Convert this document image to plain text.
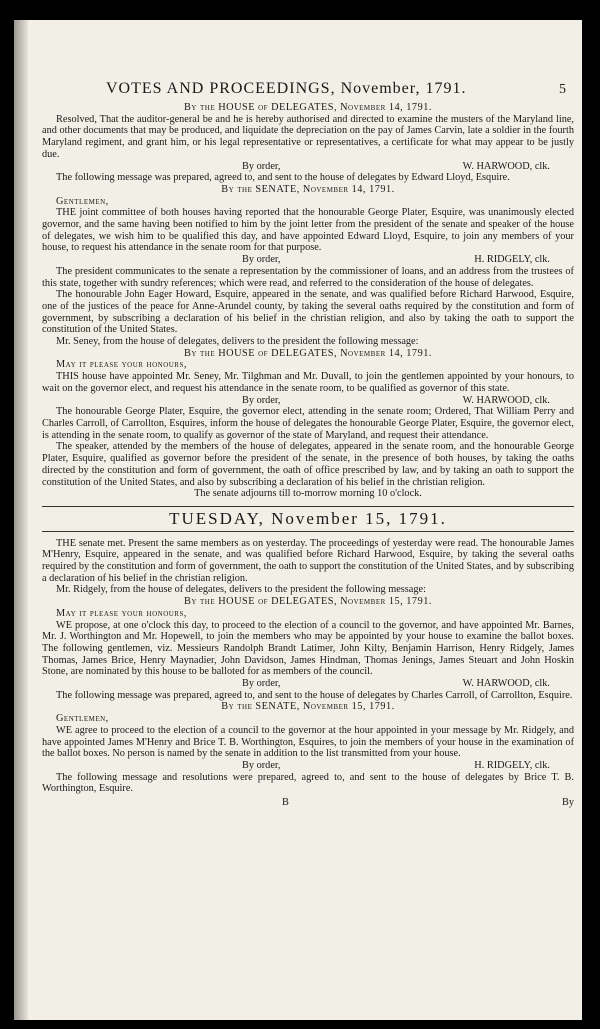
VOTES AND PROCEEDINGS, November, 1791.	5
By the HOUSE of DELEGATES, November 14, 1791.

Resolved, That the auditor-general be and he is hereby authorised and directed to examine the musters of the Maryland line, and other documents that may be produced, and liquidate the depreciation on the pay of James Carvin, late a soldier in the fourth Maryland regiment, and grant him, or his legal representative or representatives, a certificate for what may appear to be justly due.

By order,	W. HARWOOD, clk.

The following message was prepared, agreed to, and sent to the house of delegates by Edward Lloyd, Esquire.

By the SENATE, November 14, 1791.

Gentlemen,

THE joint committee of both houses having reported that the honourable George Plater, Esquire, was unanimously elected governor, and the same having been notified to him by the joint letter from the president of the senate and speaker of the house of delegates, we wish him to be qualified this day, and have appointed Edward Lloyd, Esquire, to join any members of your house, to request his attendance in the senate room for that purpose.

By order,	H. RIDGELY, clk.

The president communicates to the senate a representation by the commissioner of loans, and an address from the trustees of this state, together with sundry references; which were read, and referred to the consideration of the house of delegates.

The honourable John Eager Howard, Esquire, appeared in the senate, and was qualified before Richard Harwood, Esquire, one of the justices of the peace for Anne-Arundel county, by taking the several oaths required by the constitution and form of government, by subscribing a declaration of his belief in the christian religion, and also by taking the oath to support the constitution of the United States.

Mr. Seney, from the house of delegates, delivers to the president the following message:

By the HOUSE of DELEGATES, November 14, 1791.

May it please your honours,

THIS house have appointed Mr. Seney, Mr. Tilghman and Mr. Duvall, to join the gentlemen appointed by your honours, to wait on the governor elect, and request his attendance in the senate room, to be qualified as governor of this state.

By order,	W. HARWOOD, clk.

The honourable George Plater, Esquire, the governor elect, attending in the senate room; Ordered, That William Perry and Charles Carroll, of Carrollton, Esquires, inform the house of delegates the honourable George Plater, Esquire, the governor elect, is attending in the senate room, to qualify as governor of the state of Maryland, and request their attendance.

The speaker, attended by the members of the house of delegates, appeared in the senate room, and the honourable George Plater, Esquire, qualified as governor before the president of the senate, in the presence of both houses, by taking the oaths directed by the constitution and form of government, the oath of office prescribed by law, and by taking an oath to support the constitution of the United States, and also by subscribing a declaration of his belief in the christian religion.

The senate adjourns till to-morrow morning 10 o'clock.
TUESDAY, November 15, 1791.

THE senate met. Present the same members as on yesterday. The proceedings of yesterday were read. The honourable James M'Henry, Esquire, appeared in the senate, and was qualified before Richard Harwood, Esquire, by taking the several oaths required by the constitution and form of government, the oath to support the constitution of the United States, and by subscribing a declaration of his belief in the christian religion.

Mr. Ridgely, from the house of delegates, delivers to the president the following message:

By the HOUSE of DELEGATES, November 15, 1791.

May it please your honours,

WE propose, at one o'clock this day, to proceed to the election of a council to the governor, and have appointed Mr. Barnes, Mr. J. Worthington and Mr. Hopewell, to join the members who may be appointed by your house to examine the ballot boxes. The following gentlemen, viz. Messieurs Randolph Brandt Latimer, John Kilty, Benjamin Harrison, Henry Ridgely, James Thomas, James Brice, Henry Maynadier, John Davidson, James Hindman, Thomas Jenings, James Steuart and John Hoskin Stone, are nominated by this house to be balloted for as members of the council.

By order,	W. HARWOOD, clk.

The following message was prepared, agreed to, and sent to the house of delegates by Charles Carroll, of Carrollton, Esquire.

By the SENATE, November 15, 1791.

Gentlemen,

WE agree to proceed to the election of a council to the governor at the hour appointed in your message by Mr. Ridgely, and have appointed James M'Henry and Brice T. B. Worthington, Esquires, to join the members of your house in the examination of the ballot boxes. No person is named by the senate in addition to the list transmitted from your house.

By order,	H. RIDGELY, clk.

The following message and resolutions were prepared, agreed to, and sent to the house of delegates by Brice T. B. Worthington, Esquire.

B	By
